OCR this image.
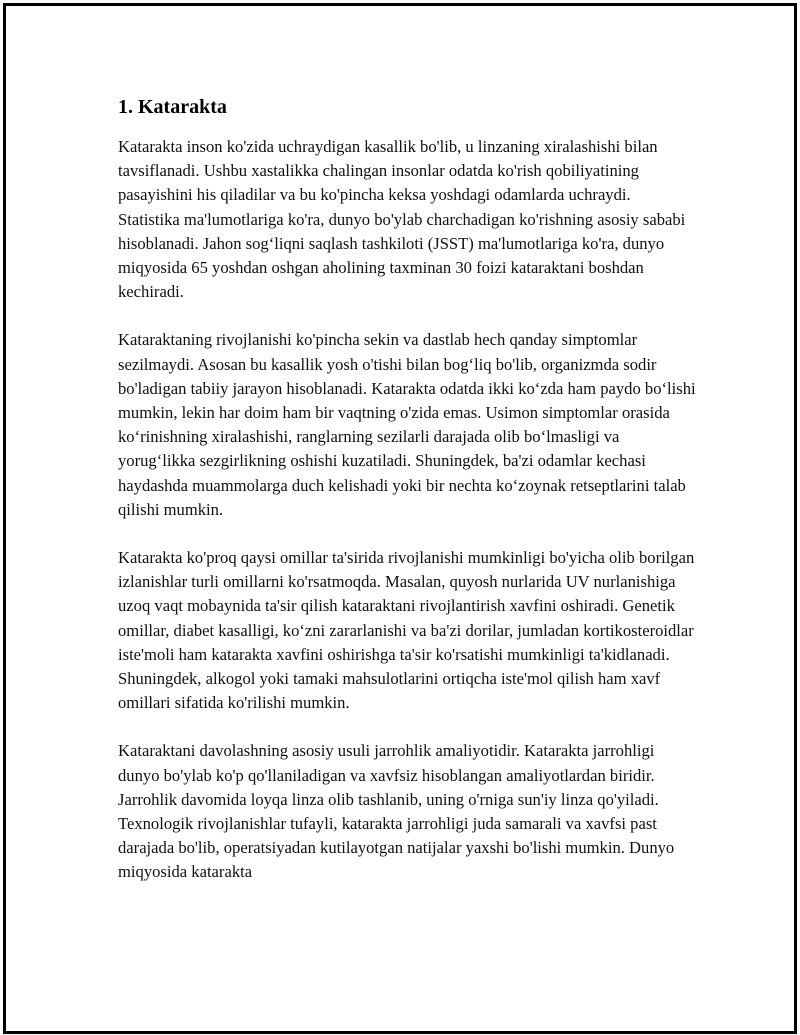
1. Katarakta

Katarakta inson ko'zida uchraydigan kasallik bo'lib, u linzaning xiralashishi bilan tavsiflanadi. Ushbu xastalikka chalingan insonlar odatda ko'rish qobiliyatining pasayishini his qiladilar va bu ko'pincha keksa yoshdagi odamlarda uchraydi. Statistika ma'lumotlariga ko'ra, dunyo bo'ylab charchadigan ko'rishning asosiy sababi hisoblanadi. Jahon sog‘liqni saqlash tashkiloti (JSST) ma'lumotlariga ko'ra, dunyo miqyosida 65 yoshdan oshgan aholining taxminan 30 foizi kataraktani boshdan kechiradi.

Kataraktaning rivojlanishi ko'pincha sekin va dastlab hech qanday simptomlar sezilmaydi. Asosan bu kasallik yosh o'tishi bilan bog‘liq bo'lib, organizmda sodir bo'ladigan tabiiy jarayon hisoblanadi. Katarakta odatda ikki ko‘zda ham paydo bo‘lishi mumkin, lekin har doim ham bir vaqtning o'zida emas. Usimon simptomlar orasida ko‘rinishning xiralashishi, ranglarning sezilarli darajada olib bo‘lmasligi va yorug‘likka sezgirlikning oshishi kuzatiladi. Shuningdek, ba'zi odamlar kechasi haydashda muammolarga duch kelishadi yoki bir nechta ko‘zoynak retseptlarini talab qilishi mumkin.

Katarakta ko'proq qaysi omillar ta'sirida rivojlanishi mumkinligi bo'yicha olib borilgan izlanishlar turli omillarni ko'rsatmoqda. Masalan, quyosh nurlarida UV nurlanishiga uzoq vaqt mobaynida ta'sir qilish kataraktani rivojlantirish xavfini oshiradi. Genetik omillar, diabet kasalligi, ko‘zni zararlanishi va ba'zi dorilar, jumladan kortikosteroidlar iste'moli ham katarakta xavfini oshirishga ta'sir ko'rsatishi mumkinligi ta'kidlanadi. Shuningdek, alkogol yoki tamaki mahsulotlarini ortiqcha iste'mol qilish ham xavf omillari sifatida ko'rilishi mumkin.

Kataraktani davolashning asosiy usuli jarrohlik amaliyotidir. Katarakta jarrohligi dunyo bo'ylab ko'p qo'llaniladigan va xavfsiz hisoblangan amaliyotlardan biridir. Jarrohlik davomida loyqa linza olib tashlanib, uning o'rniga sun'iy linza qo'yiladi. Texnologik rivojlanishlar tufayli, katarakta jarrohligi juda samarali va xavfsi past darajada bo'lib, operatsiyadan kutilayotgan natijalar yaxshi bo'lishi mumkin. Dunyo miqyosida katarakta
